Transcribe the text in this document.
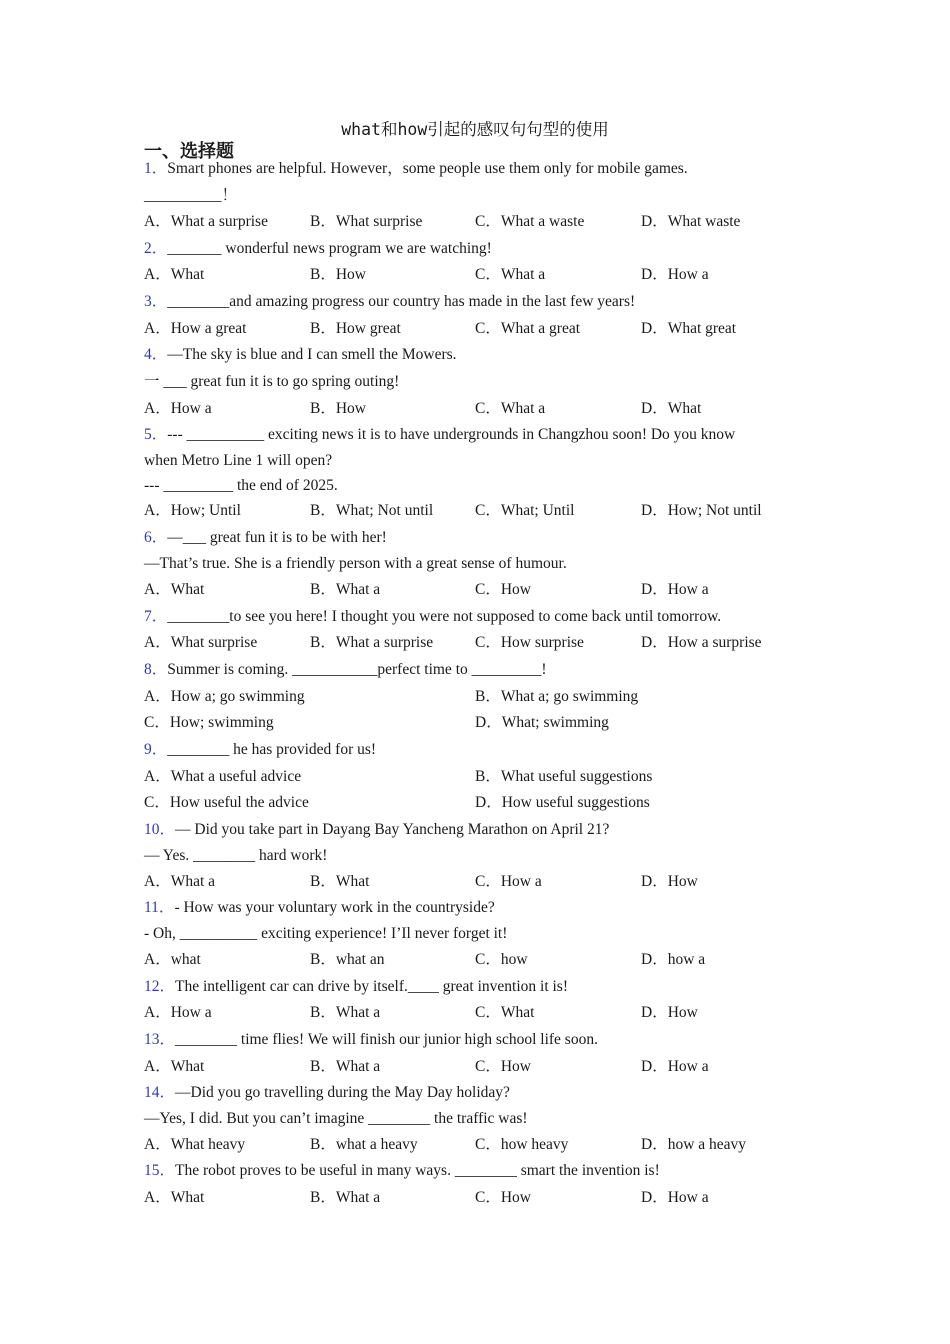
what和how引起的感叹句句型的使用
一、选择题
1．Smart phones are helpful. However，some people use them only for mobile games.
__________！
A．What a surprise	B．What surprise	C．What a waste	D．What waste
2．_______ wonderful news program we are watching!
A．What	B．How	C．What a	D．How a
3．________and amazing progress our country has made in the last few years!
A．How a great	B．How great	C．What a great	D．What great
4．—The sky is blue and I can smell the Mowers.
一 ___ great fun it is to go spring outing!
A．How a	B．How	C．What a	D．What
5．--- __________ exciting news it is to have undergrounds in Changzhou soon! Do you know
when Metro Line 1 will open?
--- _________ the end of 2025.
A．How; Until	B．What; Not until	C．What; Until	D．How; Not until
6．—___ great fun it is to be with her!
—That’s true. She is a friendly person with a great sense of humour.
A．What	B．What a	C．How	D．How a
7．________to see you here! I thought you were not supposed to come back until tomorrow.
A．What surprise	B．What a surprise	C．How surprise	D．How a surprise
8．Summer is coming. ___________perfect time to _________!
A．How a; go swimming	B．What a; go swimming
C．How; swimming	D．What; swimming
9．________ he has provided for us!
A．What a useful advice	B．What useful suggestions
C．How useful the advice	D．How useful suggestions
10．— Did you take part in Dayang Bay Yancheng Marathon on April 21?
— Yes. ________ hard work!
A．What a	B．What	C．How a	D．How
11．- How was your voluntary work in the countryside?
- Oh, __________ exciting experience! I’Il never forget it!
A．what	B．what an	C．how	D．how a
12．The intelligent car can drive by itself.____ great invention it is!
A．How a	B．What a	C．What	D．How
13．________ time flies! We will finish our junior high school life soon.
A．What	B．What a	C．How	D．How a
14．—Did you go travelling during the May Day holiday?
—Yes, I did. But you can’t imagine ________ the traffic was!
A．What heavy	B．what a heavy	C．how heavy	D．how a heavy
15．The robot proves to be useful in many ways. ________ smart the invention is!
A．What	B．What a	C．How	D．How a
